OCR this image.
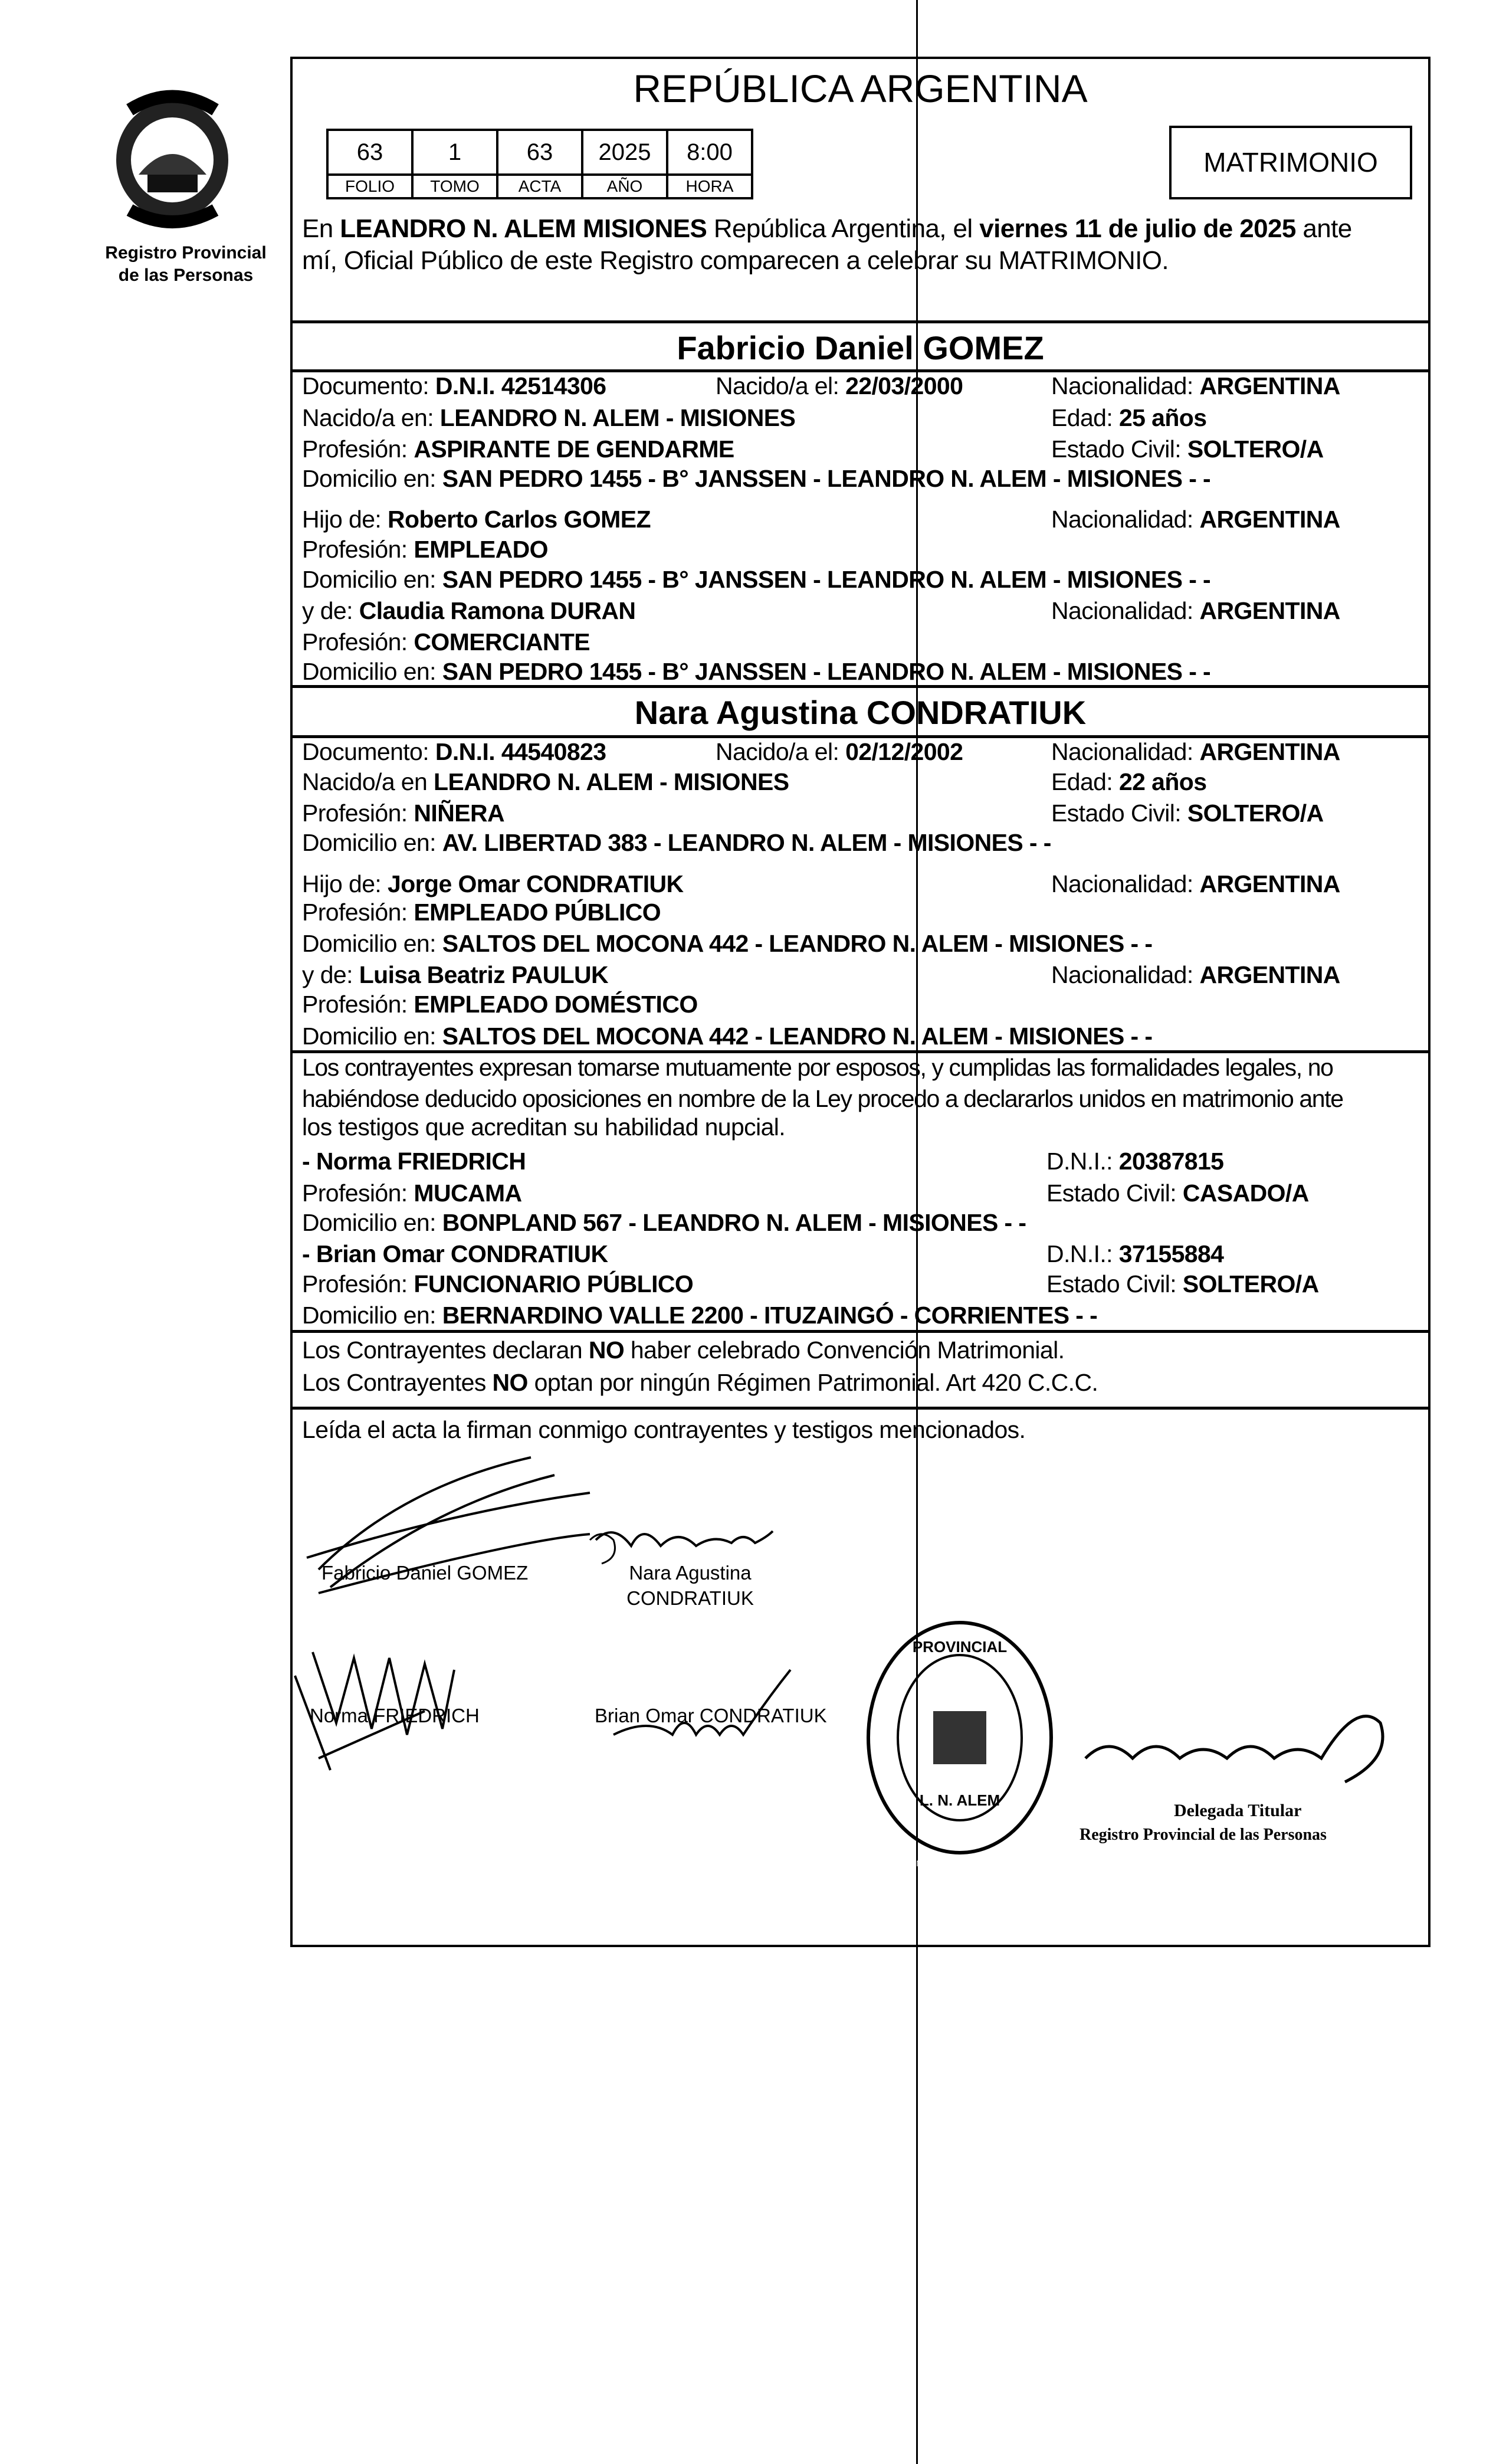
Registro Provincial
de las Personas
REPÚBLICA ARGENTINA
63	1	63	2025	8:00
FOLIO	TOMO	ACTA	AÑO	HORA
MATRIMONIO
En LEANDRO N. ALEM MISIONES República Argentina, el viernes 11 de julio de 2025 ante
mí, Oficial Público de este Registro comparecen a celebrar su MATRIMONIO.
Fabricio Daniel GOMEZ
Documento: D.N.I. 42514306	Nacido/a el: 22/03/2000	Nacionalidad: ARGENTINA
Nacido/a en: LEANDRO N. ALEM - MISIONES	Edad: 25 años
Profesión: ASPIRANTE DE GENDARME	Estado Civil: SOLTERO/A
Domicilio en: SAN PEDRO 1455 - B° JANSSEN - LEANDRO N. ALEM - MISIONES - -
Hijo de: Roberto Carlos GOMEZ	Nacionalidad: ARGENTINA
Profesión: EMPLEADO
Domicilio en: SAN PEDRO 1455 - B° JANSSEN - LEANDRO N. ALEM - MISIONES - -
y de: Claudia Ramona DURAN	Nacionalidad: ARGENTINA
Profesión: COMERCIANTE
Domicilio en: SAN PEDRO 1455 - B° JANSSEN - LEANDRO N. ALEM - MISIONES - -
Nara Agustina CONDRATIUK
Documento: D.N.I. 44540823	Nacido/a el: 02/12/2002	Nacionalidad: ARGENTINA
Nacido/a en LEANDRO N. ALEM - MISIONES	Edad: 22 años
Profesión: NIÑERA	Estado Civil: SOLTERO/A
Domicilio en: AV. LIBERTAD 383 - LEANDRO N. ALEM - MISIONES - -
Hijo de: Jorge Omar CONDRATIUK	Nacionalidad: ARGENTINA
Profesión: EMPLEADO PÚBLICO
Domicilio en: SALTOS DEL MOCONA 442 - LEANDRO N. ALEM - MISIONES - -
y de: Luisa Beatriz PAULUK	Nacionalidad: ARGENTINA
Profesión: EMPLEADO DOMÉSTICO
Domicilio en: SALTOS DEL MOCONA 442 - LEANDRO N. ALEM - MISIONES - -
Los contrayentes expresan tomarse mutuamente por esposos, y cumplidas las formalidades legales, no
habiéndose deducido oposiciones en nombre de la Ley procedo a declararlos unidos en matrimonio ante
los testigos que acreditan su habilidad nupcial.
- Norma FRIEDRICH	D.N.I.: 20387815
Profesión: MUCAMA	Estado Civil: CASADO/A
Domicilio en: BONPLAND 567 - LEANDRO N. ALEM - MISIONES - -
- Brian Omar CONDRATIUK	D.N.I.: 37155884
Profesión: FUNCIONARIO PÚBLICO	Estado Civil: SOLTERO/A
Domicilio en: BERNARDINO VALLE 2200 - ITUZAINGÓ - CORRIENTES - -
Los Contrayentes declaran NO haber celebrado Convención Matrimonial.
Los Contrayentes NO optan por ningún Régimen Patrimonial. Art 420 C.C.C.
Leída el acta la firman conmigo contrayentes y testigos mencionados.
Fabricio Daniel GOMEZ	Nara Agustina
CONDRATIUK
Norma FRIEDRICH	Brian Omar CONDRATIUK
PROVINCIAL
L. N. ALEM
DELEGACION DEL REGISTRO PROVINCIAL DE LAS PERSONAS
Delegada Titular
Registro Provincial de las Personas
